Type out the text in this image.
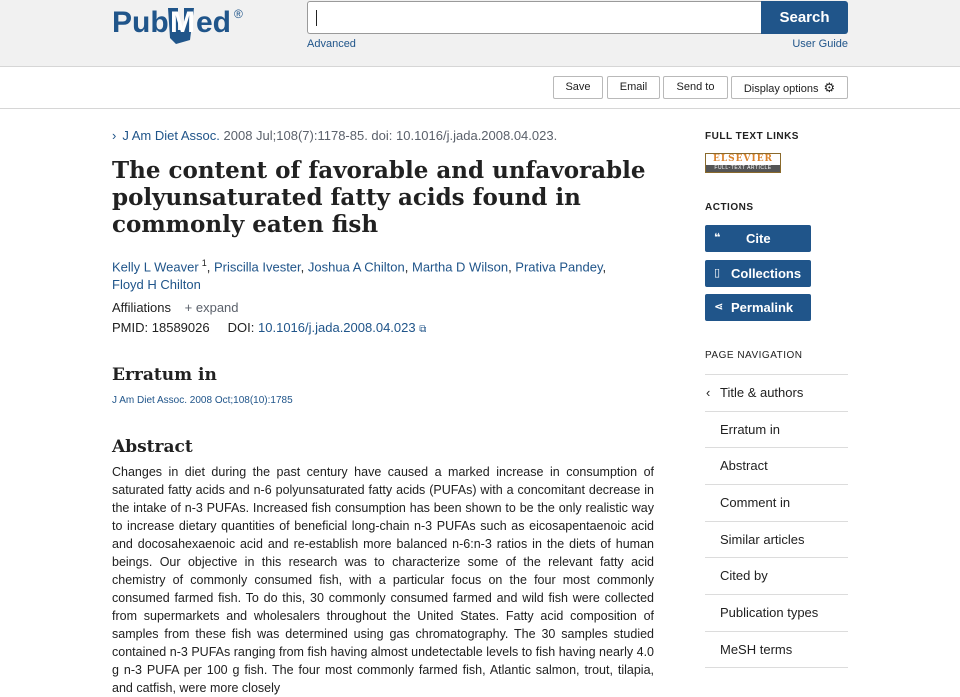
Pub M ed ®	Search
Advanced	User Guide
Save	Email	Send to	Display options ⚙
› J Am Diet Assoc. 2008 Jul;108(7):1178-85. doi: 10.1016/j.jada.2008.04.023.
The content of favorable and unfavorable polyunsaturated fatty acids found in commonly eaten fish
Kelly L Weaver $^1$, Priscilla Ivester, Joshua A Chilton, Martha D Wilson, Prativa Pandey,
Floyd H Chilton
Affiliations + expand
PMID: 18589026 DOI: 10.1016/j.jada.2008.04.023 ⧉
Erratum in
J Am Diet Assoc. 2008 Oct;108(10):1785
Abstract
Changes in diet during the past century have caused a marked increase in consumption of saturated fatty acids and n-6 polyunsaturated fatty acids (PUFAs) with a concomitant decrease in the intake of n-3 PUFAs. Increased fish consumption has been shown to be the only realistic way to increase dietary quantities of beneficial long-chain n-3 PUFAs such as eicosapentaenoic acid and docosahexaenoic acid and re-establish more balanced n-6:n-3 ratios in the diets of human beings. Our objective in this research was to characterize some of the relevant fatty acid chemistry of commonly consumed fish, with a particular focus on the four most commonly consumed farmed fish. To do this, 30 commonly consumed farmed and wild fish were collected from supermarkets and wholesalers throughout the United States. Fatty acid composition of samples from these fish was determined using gas chromatography. The 30 samples studied contained n-3 PUFAs ranging from fish having almost undetectable levels to fish having nearly 4.0 g n-3 PUFA per 100 g fish. The four most commonly farmed fish, Atlantic salmon, trout, tilapia, and catfish, were more closely
FULL TEXT LINKS
ELSEVIER
FULL-TEXT ARTICLE
ACTIONS
❝ Cite
▯ Collections
⋖ Permalink
PAGE NAVIGATION
‹ Title & authors
Erratum in
Abstract
Comment in
Similar articles
Cited by
Publication types
MeSH terms
